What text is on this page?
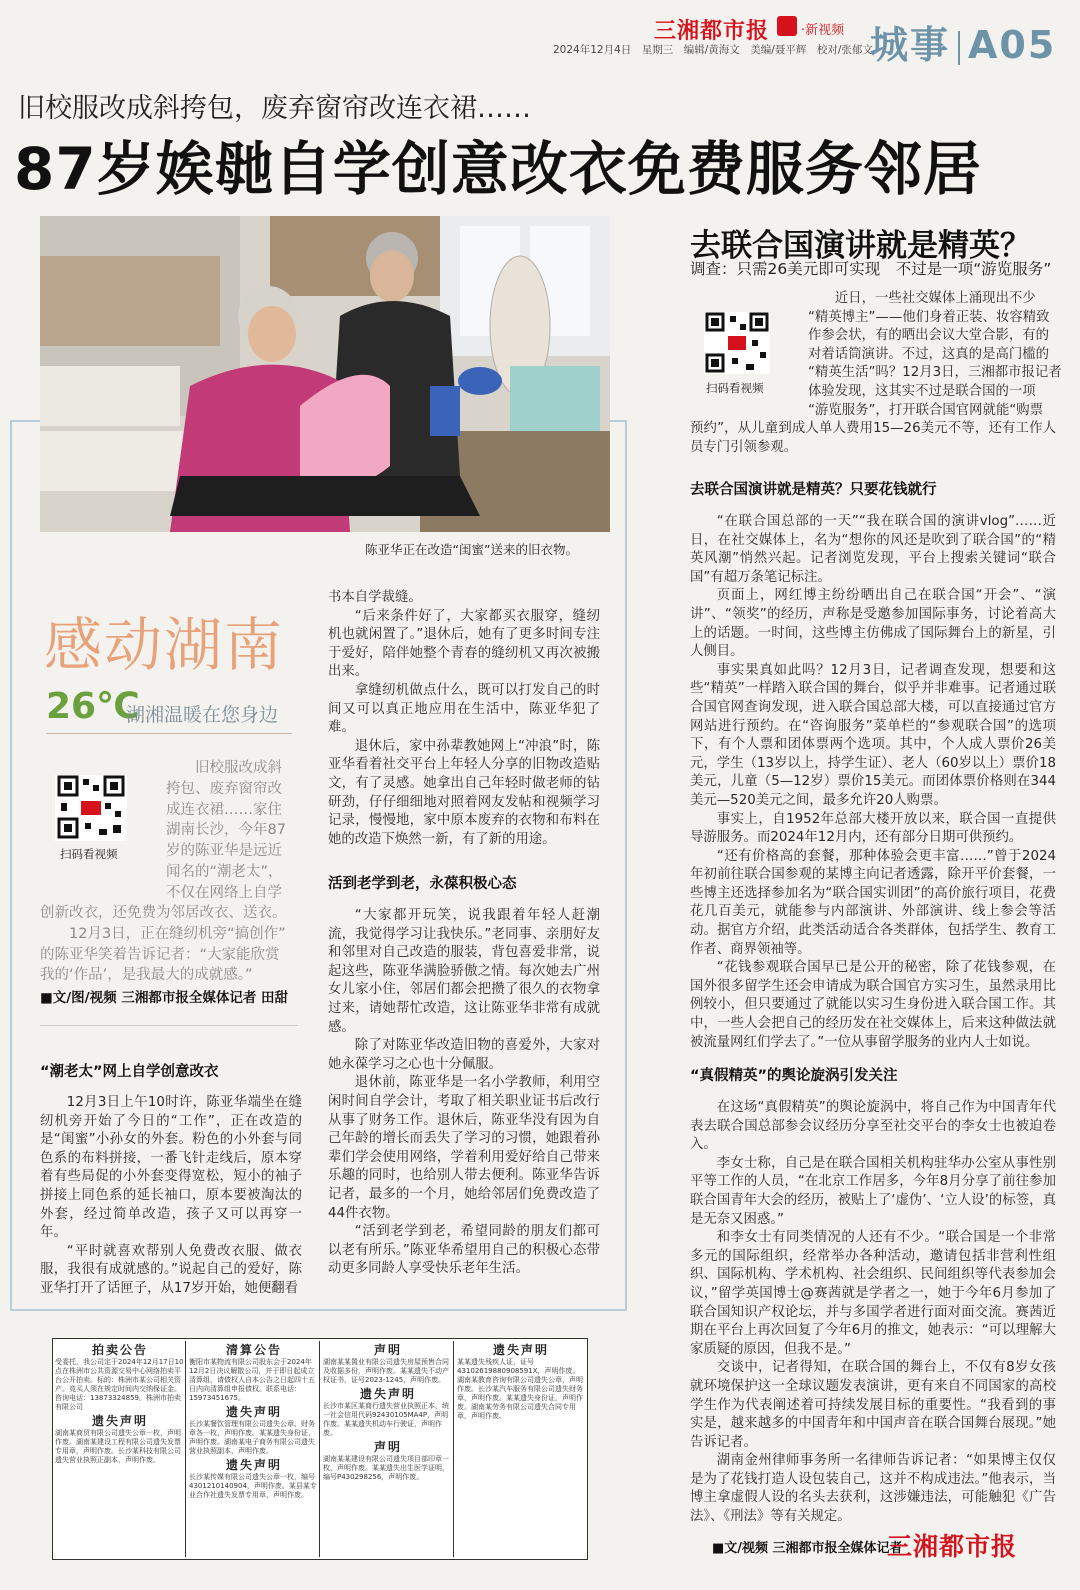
三湘都市报 ·新视频
2024年12月4日　星期三　编辑/黄海文　美编/聂平辉　校对/张郁文
城事 A05
旧校服改成斜挎包，废弃窗帘改连衣裙……
87岁娭毑自学创意改衣免费服务邻居
陈亚华正在改造“闺蜜”送来的旧衣物。
感动湖南
26℃
湖湘温暖在您身边
扫码看视频

旧校服改成斜

挎包、废弃窗帘改

成连衣裙……家住

湖南长沙，今年87

岁的陈亚华是远近

闻名的“潮老太”，

不仅在网络上自学

创新改衣，还免费为邻居改衣、送衣。

12月3日，正在缝纫机旁“搞创作”

的陈亚华笑着告诉记者：“大家能欣赏

我的‘作品’，是我最大的成就感。”

■文/图/视频 三湘都市报全媒体记者 田甜
“潮老太”网上自学创意改衣

12月3日上午10时许，陈亚华端坐在缝纫机旁开始了今日的“工作”，正在改造的是“闺蜜”小孙女的外套。粉色的小外套与同色系的布料拼接，一番飞针走线后，原本穿着有些局促的小外套变得宽松，短小的袖子拼接上同色系的延长袖口，原本要被淘汰的外套，经过简单改造，孩子又可以再穿一年。

“平时就喜欢帮别人免费改衣服、做衣服，我很有成就感的。”说起自己的爱好，陈亚华打开了话匣子，从17岁开始，她便翻看

书本自学裁缝。

“后来条件好了，大家都买衣服穿，缝纫机也就闲置了。”退休后，她有了更多时间专注于爱好，陪伴她整个青春的缝纫机又再次被搬出来。

拿缝纫机做点什么，既可以打发自己的时间又可以真正地应用在生活中，陈亚华犯了难。

退休后，家中孙辈教她网上“冲浪”时，陈亚华看着社交平台上年轻人分享的旧物改造贴文，有了灵感。她拿出自己年轻时做老师的钻研劲，仔仔细细地对照着网友发帖和视频学习记录，慢慢地，家中原本废弃的衣物和布料在她的改造下焕然一新，有了新的用途。

活到老学到老，永葆积极心态

“大家都开玩笑，说我跟着年轻人赶潮流，我觉得学习让我快乐。”老同事、亲朋好友和邻里对自己改造的服装，背包喜爱非常，说起这些，陈亚华满脸骄傲之情。每次她去广州女儿家小住，邻居们都会把攒了很久的衣物拿过来，请她帮忙改造，这让陈亚华非常有成就感。

除了对陈亚华改造旧物的喜爱外，大家对她永葆学习之心也十分佩服。

退休前，陈亚华是一名小学教师，利用空闲时间自学会计，考取了相关职业证书后改行从事了财务工作。退休后，陈亚华没有因为自己年龄的增长而丢失了学习的习惯，她跟着孙辈们学会使用网络，学着利用爱好给自己带来乐趣的同时，也给别人带去便利。陈亚华告诉记者，最多的一个月，她给邻居们免费改造了44件衣物。

“活到老学到老，希望同龄的朋友们都可以老有所乐。”陈亚华希望用自己的积极心态带动更多同龄人享受快乐老年生活。

去联合国演讲就是精英？
调查：只需26美元即可实现　不过是一项“游览服务”
扫码看视频

近日，一些社交媒体上涌现出不少

“精英博主”——他们身着正装、妆容精致

作参会状，有的晒出会议大堂合影，有的

对着话筒演讲。不过，这真的是高门槛的

“精英生活”吗？12月3日，三湘都市报记者

体验发现，这其实不过是联合国的一项

“游览服务”，打开联合国官网就能“购票

预约”，从儿童到成人单人费用15—26美元不等，还有工作人员专门引领参观。

去联合国演讲就是精英？只要花钱就行

“在联合国总部的一天”“我在联合国的演讲vlog”……近日，在社交媒体上，名为“想你的风还是吹到了联合国”的“精英风潮”悄然兴起。记者浏览发现，平台上搜索关键词“联合国”有超万条笔记标注。

页面上，网红博主纷纷晒出自己在联合国“开会”、“演讲”、“领奖”的经历，声称是受邀参加国际事务，讨论着高大上的话题。一时间，这些博主仿佛成了国际舞台上的新星，引人侧目。

事实果真如此吗？12月3日，记者调查发现，想要和这些“精英”一样踏入联合国的舞台，似乎并非难事。记者通过联合国官网查询发现，进入联合国总部大楼，可以直接通过官方网站进行预约。在“咨询服务”菜单栏的“参观联合国”的选项下，有个人票和团体票两个选项。其中，个人成人票价26美元，学生（13岁以上，持学生证）、老人（60岁以上）票价18美元，儿童（5—12岁）票价15美元。而团体票价格则在344美元—520美元之间，最多允许20人购票。

事实上，自1952年总部大楼开放以来，联合国一直提供导游服务。而2024年12月内，还有部分日期可供预约。

“还有价格高的套餐，那种体验会更丰富……”曾于2024年初前往联合国参观的某博主向记者透露，除开平价套餐，一些博主还选择参加名为“联合国实训团”的高价旅行项目，花费花几百美元，就能参与内部演讲、外部演讲、线上参会等活动。据官方介绍，此类活动适合各类群体，包括学生、教育工作者、商界领袖等。

“花钱参观联合国早已是公开的秘密，除了花钱参观，在国外很多留学生还会申请成为联合国官方实习生，虽然录用比例较小，但只要通过了就能以实习生身份进入联合国工作。其中，一些人会把自己的经历发在社交媒体上，后来这种做法就被流量网红们学去了。”一位从事留学服务的业内人士如说。

“真假精英”的舆论旋涡引发关注

在这场“真假精英”的舆论旋涡中，将自己作为中国青年代表去联合国总部参会议经历分享至社交平台的李女士也被迫卷入。

李女士称，自己是在联合国相关机构驻华办公室从事性别平等工作的人员，“在北京工作居多，今年8月分享了前往参加联合国青年大会的经历，被贴上了‘虚伪’、‘立人设’的标签，真是无奈又困惑。”

和李女士有同类情况的人还有不少。“联合国是一个非常多元的国际组织，经常举办各种活动，邀请包括非营利性组织、国际机构、学术机构、社会组织、民间组织等代表参加会议，”留学英国博士@赛茜就是学者之一，她于今年6月参加了联合国知识产权论坛，并与多国学者进行面对面交流。赛茜近期在平台上再次回复了今年6月的推文，她表示：“可以理解大家质疑的原因，但我不是。”

交谈中，记者得知，在联合国的舞台上，不仅有8岁女孩就环境保护这一全球议题发表演讲，更有来自不同国家的高校学生作为代表阐述着可持续发展目标的重要性。“我看到的事实是，越来越多的中国青年和中国声音在联合国舞台展现。”她告诉记者。

湖南金州律师事务所一名律师告诉记者：“如果博主仅仅是为了花钱打造人设包装自己，这并不构成违法。”他表示，当博主拿虚假人设的名头去获利，这涉嫌违法，可能触犯《广告法》、《刑法》等有关规定。

■文/视频 三湘都市报全媒体记者
拍卖公告

受委托，我公司定于2024年12月17日10点在株洲市公共资源交易中心网络拍卖平台公开拍卖。标的：株洲市某公司相关资产。竞买人须在规定时间内交纳保证金。咨询电话：13873324859。株洲市拍卖有限公司

遗失声明

湖南某商贸有限公司遗失公章一枚，声明作废。湖南某建设工程有限公司遗失发票专用章，声明作废。长沙某科技有限公司遗失营业执照正副本，声明作废。

清算公告

衡阳市某物流有限公司股东会于2024年12月2日决议解散公司，并于即日起成立清算组，请债权人自本公告之日起四十五日内向清算组申报债权。联系电话：15973451675。

遗失声明

长沙某餐饮管理有限公司遗失公章、财务章各一枚，声明作废。某某遗失身份证，声明作废。湖南某电子商务有限公司遗失营业执照副本，声明作废。

遗失声明

长沙某传媒有限公司遗失公章一枚，编号4301210140904，声明作废。某县某专业合作社遗失发票专用章，声明作废。

声明

湖南某某置业有限公司遗失房屋预售合同及收据多份，声明作废。某某遗失不动产权证书，证号2023-1245，声明作废。

遗失声明

长沙市某区某商行遗失营业执照正本，统一社会信用代码92430105MA4P，声明作废。某某遗失机动车行驶证，声明作废。

声明

湖南某某建设有限公司遗失项目部印章一枚，声明作废。某某遗失出生医学证明，编号P430298256，声明作废。

遗失声明

某某遗失残疾人证，证号43102619880908591X，声明作废。湖南某教育咨询有限公司遗失公章，声明作废。长沙某汽车服务有限公司遗失财务章，声明作废。某某遗失身份证，声明作废。湖南某劳务有限公司遗失合同专用章，声明作废。

三湘都市报
